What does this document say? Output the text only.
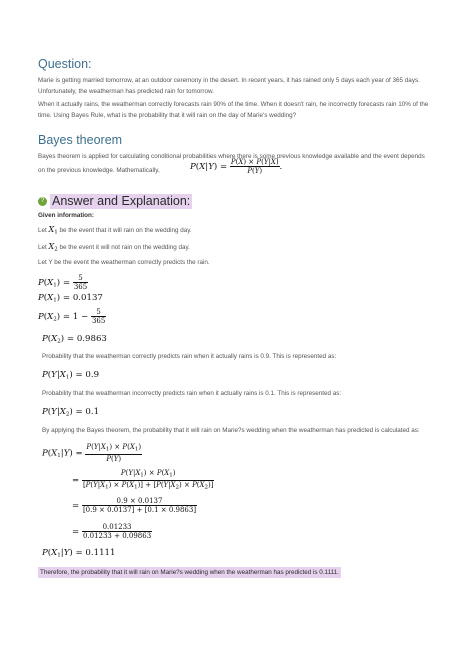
Question:
Marie is getting married tomorrow, at an outdoor ceremony in the desert. In recent years, it has rained only 5 days each year of 365 days. Unfortunately, the weatherman has predicted rain for tomorrow.
When it actually rains, the weatherman correctly forecasts rain 90% of the time. When it doesn't rain, he incorrectly forecasts rain 10% of the time. Using Bayes Rule, what is the probability that it will rain on the day of Marie's wedding?
Bayes theorem
Bayes theorem is applied for calculating conditional probabilities where there is some previous knowledge available and the event depends
on the previous knowledge. Mathematically,	$P(X|Y) = \frac{P(X) \times P(Y|X)}{P(Y)}$ .
? Answer and Explanation:
Given information:
Let $X_1$ be the event that it will rain on the wedding day.
Let $X_2$ be the event it will not rain on the wedding day.
Let Y be the event the weatherman correctly predicts the rain.
$P(X_1) = \frac{5}{365}$
$P(X_1) = 0.0137$
$P(X_2) = 1 - \frac{5}{365}$
$P(X_2) = 0.9863$
Probability that the weatherman correctly predicts rain when it actually rains is 0.9. This is represented as:
$P(Y|X_1) = 0.9$
Probability that the weatherman incorrectly predicts rain when it actually rains is 0.1. This is represented as:
$P(Y|X_2) = 0.1$
By applying the Bayes theorem, the probability that it will rain on Marie?s wedding when the weatherman has predicted is calculated as:
$P(X_1|Y) = \frac{P(Y|X_1) \times P(X_1)}{P(Y)}$
= $\frac{P(Y|X_1) \times P(X_1)}{[P(Y|X_1) \times P(X_1)] + [P(Y|X_2) \times P(X_2)]}$
= $\frac{0.9 \times 0.0137}{[0.9 \times 0.0137] + [0.1 \times 0.9863]}$
= $\frac{0.01233}{0.01233 + 0.09863}$
$P(X_1|Y) = 0.1111$
Therefore, the probability that it will rain on Marie?s wedding when the weatherman has predicted is 0.1111.
